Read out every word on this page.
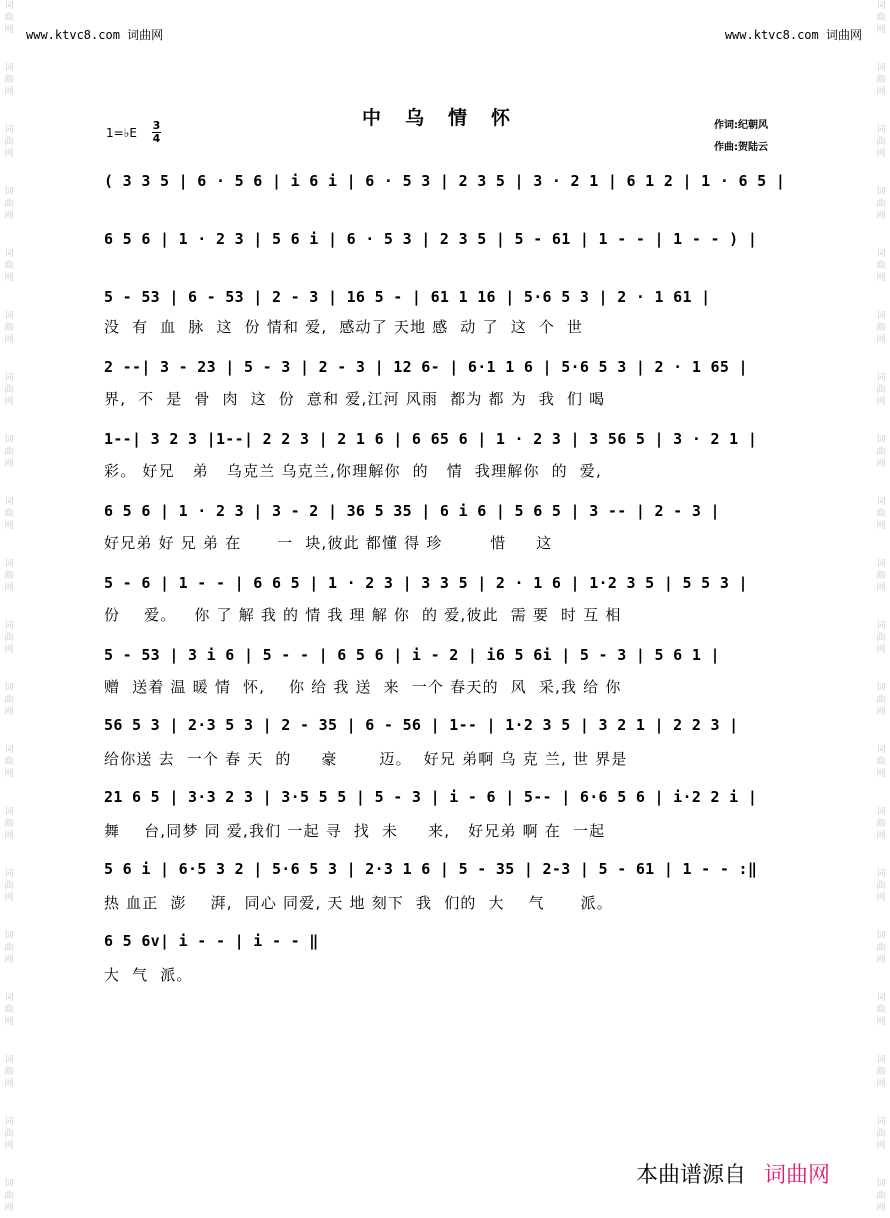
词
曲
网
词
曲
网
词
曲
网
词
曲
网
词
曲
网
词
曲
网
词
曲
网
词
曲
网
词
曲
网
词
曲
网
词
曲
网
词
曲
网
词
曲
网
词
曲
网
词
曲
网
词
曲
网
词
曲
网
词
曲
网
词
曲
网
词
曲
网
词
曲
网
词
曲
网
词
曲
网
词
曲
网
词
曲
网
词
曲
网
词
曲
网
词
曲
网
词
曲
网
词
曲
网
词
曲
网
词
曲
网
词
曲
网
词
曲
网
词
曲
网
词
曲
网
词
曲
网
词
曲
网
词
曲
网
词
曲
网
www.ktvc8.com 词曲网	www.ktvc8.com 词曲网
中乌情怀
1=♭E
3
4
作词:纪朝风
作曲:贺陆云
( 3 3 5 | 6 · 5 6 | i 6 i | 6 · 5 3 | 2 3 5 | 3 · 2 1 | 6 1 2 | 1 · 6 5 |
6 5 6 | 1 · 2 3 | 5 6 i | 6 · 5 3 | 2 3 5 | 5 - 61 | 1 - - | 1 - - ) |
5 - 53 | 6 - 53 | 2 - 3 | 16 5 - | 61 1 16 | 5·6 5 3 | 2 · 1 61 |
没  有  血  脉  这  份 情和 爱,  感动了 天地 感  动 了  这  个  世
2 --| 3 - 23 | 5 - 3 | 2 - 3 | 12 6- | 6·1 1 6 | 5·6 5 3 | 2 · 1 65 |
界,  不  是  骨  肉  这  份  意和 爱,江河 风雨  都为 都 为  我  们 喝
1--| 3 2 3 |1--| 2 2 3 | 2 1 6 | 6 65 6 | 1 · 2 3 | 3 56 5 | 3 · 2 1 |
彩。 好兄   弟   乌克兰 乌克兰,你理解你  的   情  我理解你  的  爱,
6 5 6 | 1 · 2 3 | 3 - 2 | 36 5 35 | 6 i 6 | 5 6 5 | 3 -- | 2 - 3 |
好兄弟 好 兄 弟 在      一  块,彼此 都懂 得 珍        惜     这
5 - 6 | 1 - - | 6 6 5 | 1 · 2 3 | 3 3 5 | 2 · 1 6 | 1·2 3 5 | 5 5 3 |
份    爱。   你 了 解 我 的 情 我 理 解 你  的 爱,彼此  需 要  时 互 相
5 - 53 | 3 i 6 | 5 - - | 6 5 6 | i - 2 | i6 5 6i | 5 - 3 | 5 6 1 |
赠  送着 温 暖 情  怀,    你 给 我 送  来  一个 春天的  风  采,我 给 你
56 5 3 | 2·3 5 3 | 2 - 35 | 6 - 56 | 1-- | 1·2 3 5 | 3 2 1 | 2 2 3 |
给你送 去  一个 春 天  的     豪       迈。  好兄 弟啊 乌 克 兰, 世 界是
21 6 5 | 3·3 2 3 | 3·5 5 5 | 5 - 3 | i - 6 | 5-- | 6·6 5 6 | i·2 2 i |
舞    台,同梦 同 爱,我们 一起 寻  找  未     来,   好兄弟 啊 在  一起
5 6 i | 6·5 3 2 | 5·6 5 3 | 2·3 1 6 | 5 - 35 | 2-3 | 5 - 61 | 1 - - :‖
热 血正  澎    湃,  同心 同爱, 天 地 刻下  我  们的  大    气      派。
6 5 6v| i - - | i - - ‖
大  气  派。
本曲谱源自 词曲网
